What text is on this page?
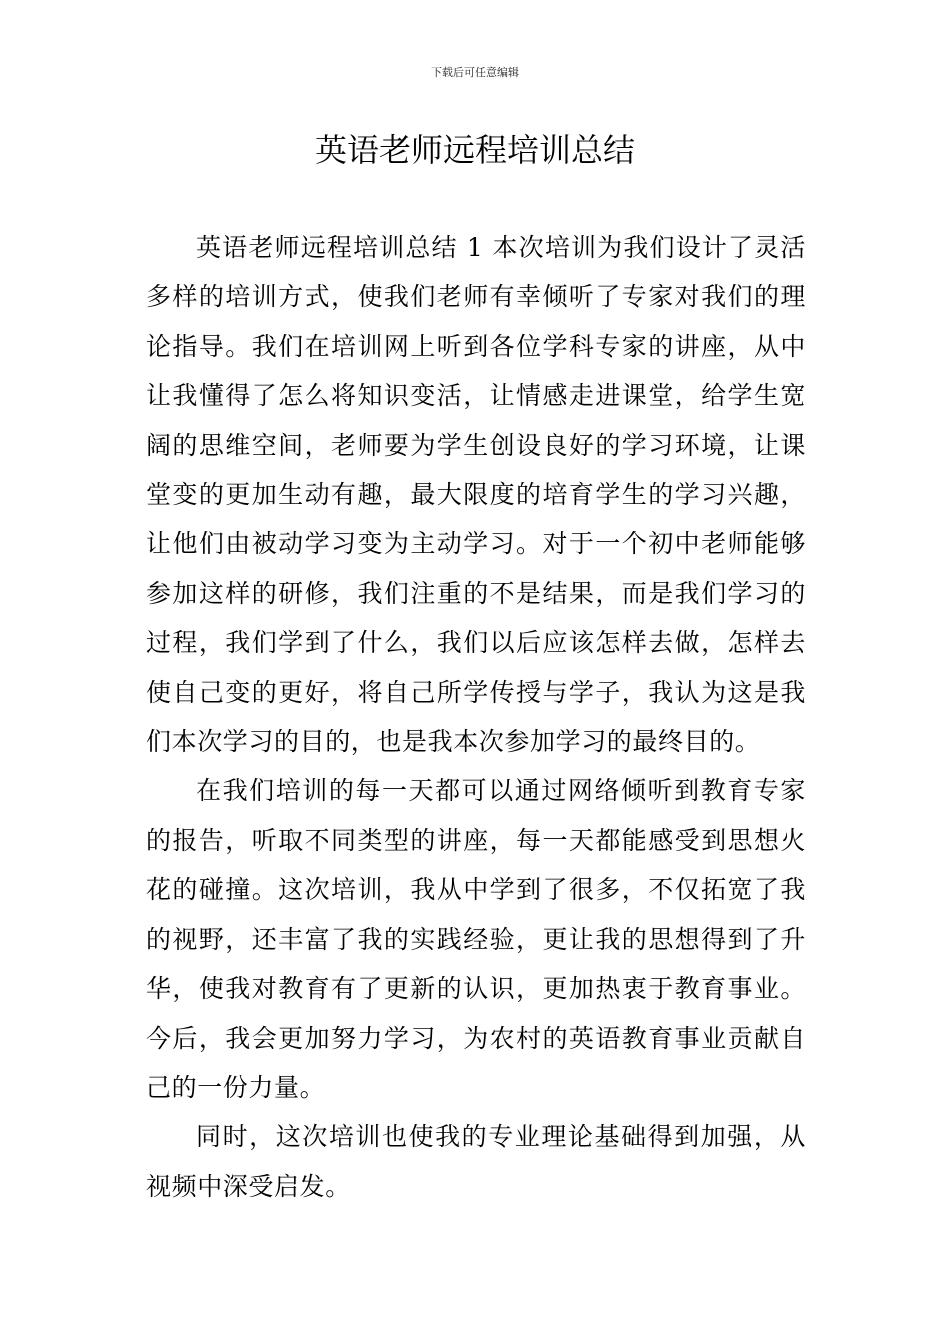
下载后可任意编辑
英语老师远程培训总结

英语老师远程培训总结 1 本次培训为我们设计了灵活多样的培训方式，使我们老师有幸倾听了专家对我们的理论指导。我们在培训网上听到各位学科专家的讲座，从中让我懂得了怎么将知识变活，让情感走进课堂，给学生宽阔的思维空间，老师要为学生创设良好的学习环境，让课堂变的更加生动有趣，最大限度的培育学生的学习兴趣，让他们由被动学习变为主动学习。对于一个初中老师能够参加这样的研修，我们注重的不是结果，而是我们学习的过程，我们学到了什么，我们以后应该怎样去做，怎样去使自己变的更好，将自己所学传授与学子，我认为这是我们本次学习的目的，也是我本次参加学习的最终目的。

在我们培训的每一天都可以通过网络倾听到教育专家的报告，听取不同类型的讲座，每一天都能感受到思想火花的碰撞。这次培训，我从中学到了很多，不仅拓宽了我的视野，还丰富了我的实践经验，更让我的思想得到了升华，使我对教育有了更新的认识，更加热衷于教育事业。今后，我会更加努力学习，为农村的英语教育事业贡献自己的一份力量。

同时，这次培训也使我的专业理论基础得到加强，从视频中深受启发。
